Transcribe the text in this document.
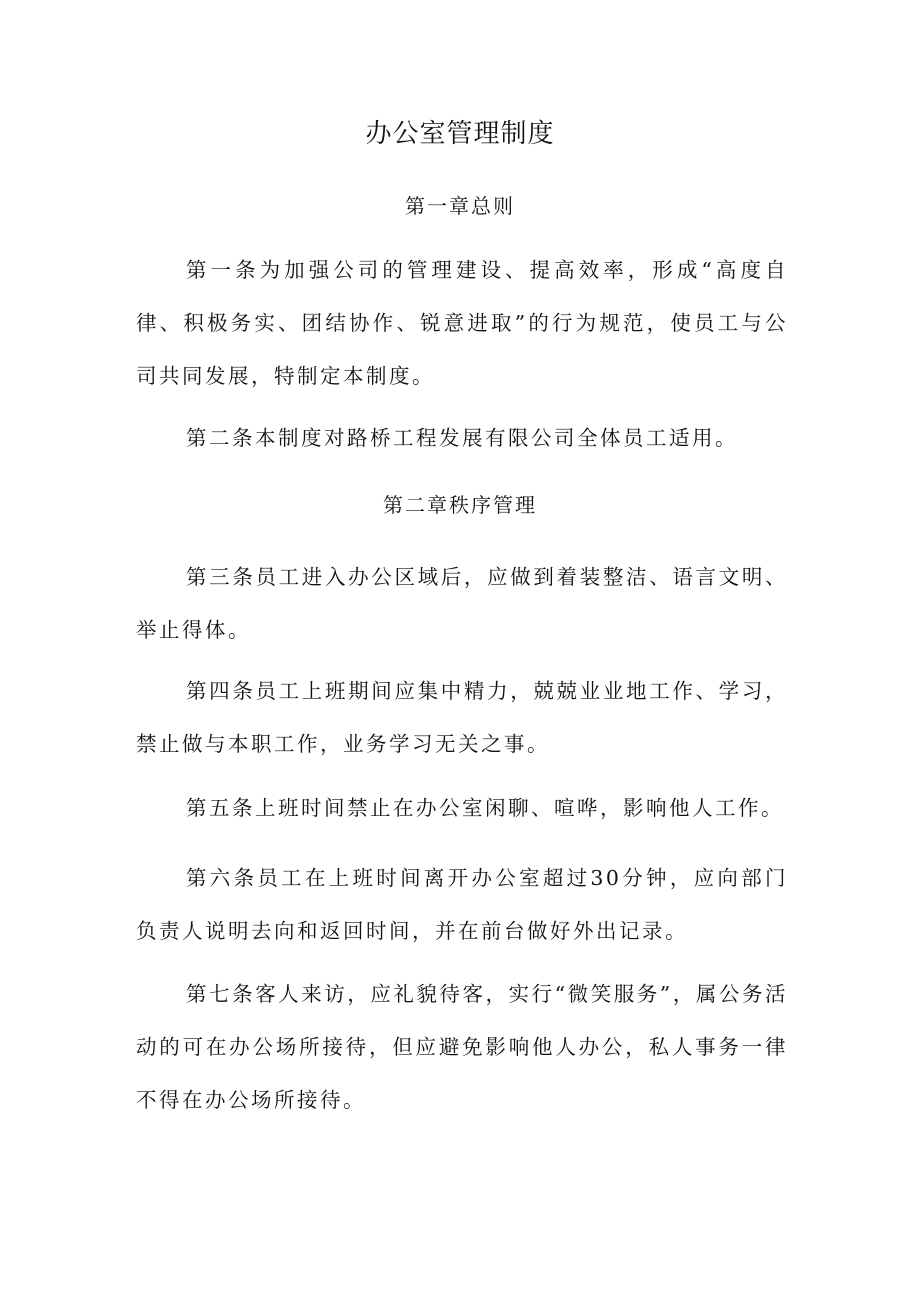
办公室管理制度
第一章总则

第一条为加强公司的管理建设、提高效率，形成“高度自律、积极务实、团结协作、锐意进取”的行为规范，使员工与公司共同发展，特制定本制度。

第二条本制度对路桥工程发展有限公司全体员工适用。

第二章秩序管理

第三条员工进入办公区域后，应做到着装整洁、语言文明、举止得体。

第四条员工上班期间应集中精力，兢兢业业地工作、学习，禁止做与本职工作，业务学习无关之事。

第五条上班时间禁止在办公室闲聊、喧哗，影响他人工作。

第六条员工在上班时间离开办公室超过30分钟，应向部门负责人说明去向和返回时间，并在前台做好外出记录。

第七条客人来访，应礼貌待客，实行“微笑服务”，属公务活动的可在办公场所接待，但应避免影响他人办公，私人事务一律不得在办公场所接待。
